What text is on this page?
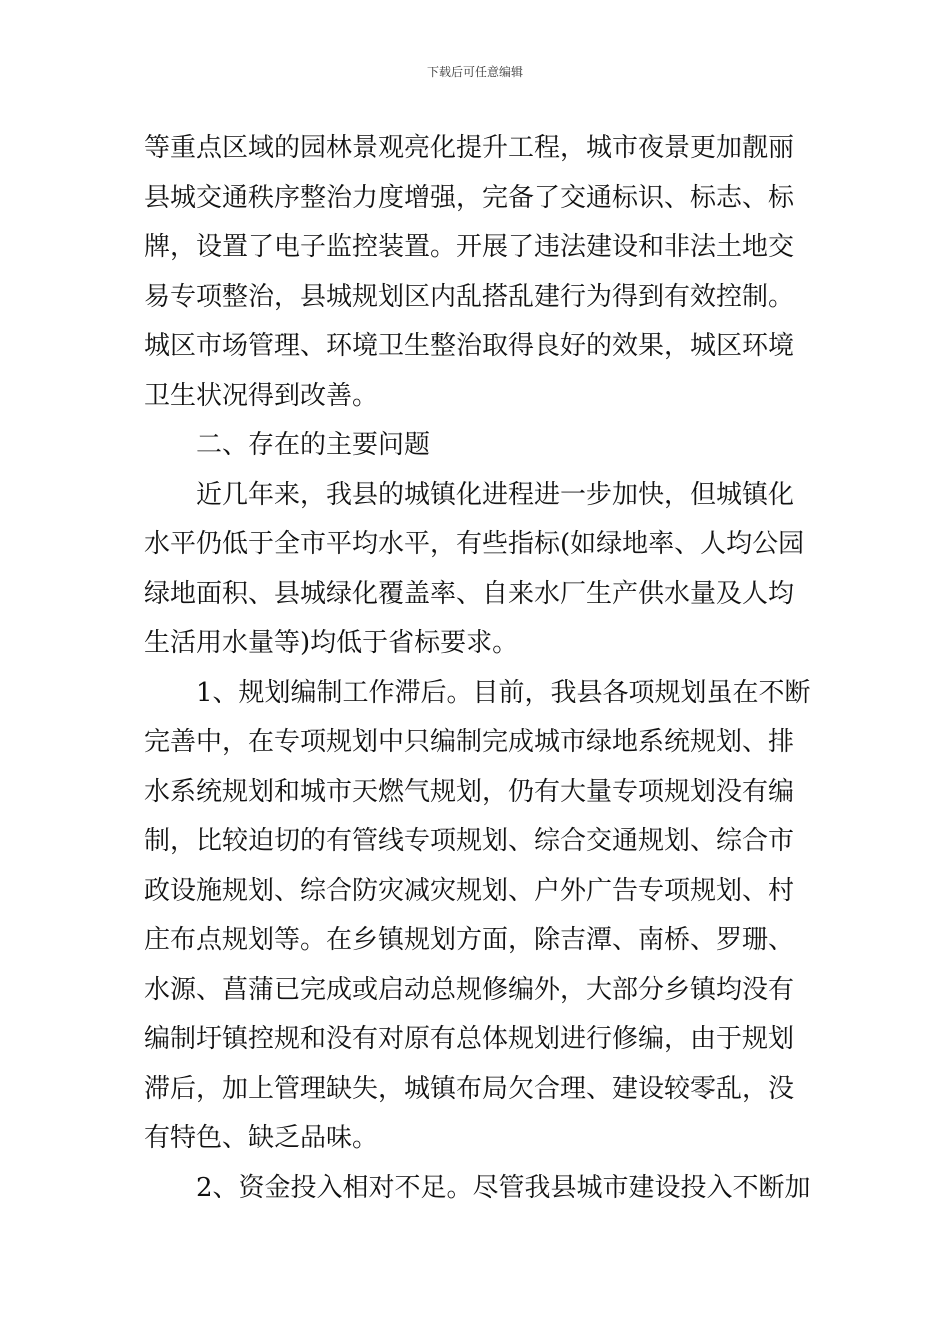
下载后可任意编辑
等重点区域的园林景观亮化提升工程，城市夜景更加靓丽
县城交通秩序整治力度增强，完备了交通标识、标志、标
牌，设置了电子监控装置。开展了违法建设和非法土地交
易专项整治，县城规划区内乱搭乱建行为得到有效控制。
城区市场管理、环境卫生整治取得良好的效果，城区环境
卫生状况得到改善。
二、存在的主要问题
近几年来，我县的城镇化进程进一步加快，但城镇化
水平仍低于全市平均水平，有些指标(如绿地率、人均公园
绿地面积、县城绿化覆盖率、自来水厂生产供水量及人均
生活用水量等)均低于省标要求。
1、规划编制工作滞后。目前，我县各项规划虽在不断
完善中，在专项规划中只编制完成城市绿地系统规划、排
水系统规划和城市天燃气规划，仍有大量专项规划没有编
制，比较迫切的有管线专项规划、综合交通规划、综合市
政设施规划、综合防灾减灾规划、户外广告专项规划、村
庄布点规划等。在乡镇规划方面，除吉潭、南桥、罗珊、
水源、菖蒲已完成或启动总规修编外，大部分乡镇均没有
编制圩镇控规和没有对原有总体规划进行修编，由于规划
滞后，加上管理缺失，城镇布局欠合理、建设较零乱，没
有特色、缺乏品味。
2、资金投入相对不足。尽管我县城市建设投入不断加
